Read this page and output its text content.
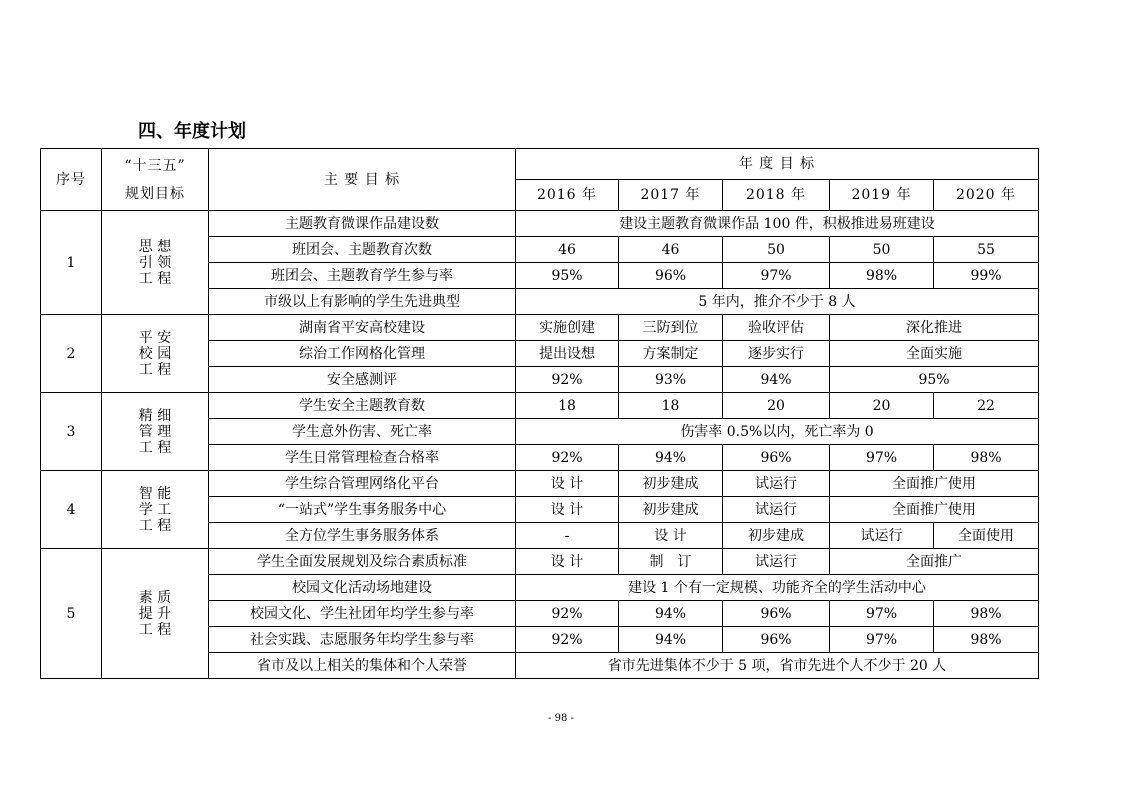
四、年度计划
序号	“十三五”
规划目标	主 要 目 标	年 度 目 标				
			2016 年	2017 年	2018 年	2019 年	2020 年
1	思 想
引 领
工 程	主题教育微课作品建设数	建设主题教育微课作品 100 件，积极推进易班建设				
		班团会、主题教育次数	46	46	50	50	55
		班团会、主题教育学生参与率	95%	96%	97%	98%	99%
		市级以上有影响的学生先进典型	5 年内，推介不少于 8 人				
2	平 安
校 园
工 程	湖南省平安高校建设	实施创建	三防到位	验收评估	深化推进	
		综治工作网格化管理	提出设想	方案制定	逐步实行	全面实施	
		安全感测评	92%	93%	94%	95%	
3	精 细
管 理
工 程	学生安全主题教育数	18	18	20	20	22
		学生意外伤害、死亡率	伤害率 0.5%以内，死亡率为 0				
		学生日常管理检查合格率	92%	94%	96%	97%	98%
4	智 能
学 工
工 程	学生综合管理网络化平台	设 计	初步建成	试运行	全面推广使用	
		“一站式”学生事务服务中心	设 计	初步建成	试运行	全面推广使用	
		全方位学生事务服务体系	-	设 计	初步建成	试运行	全面使用
5	素 质
提 升
工 程	学生全面发展规划及综合素质标准	设 计	制　订	试运行	全面推广	
		校园文化活动场地建设	建设 1 个有一定规模、功能齐全的学生活动中心				
		校园文化、学生社团年均学生参与率	92%	94%	96%	97%	98%
		社会实践、志愿服务年均学生参与率	92%	94%	96%	97%	98%
		省市及以上相关的集体和个人荣誉	省市先进集体不少于 5 项，省市先进个人不少于 20 人				
- 98 -
